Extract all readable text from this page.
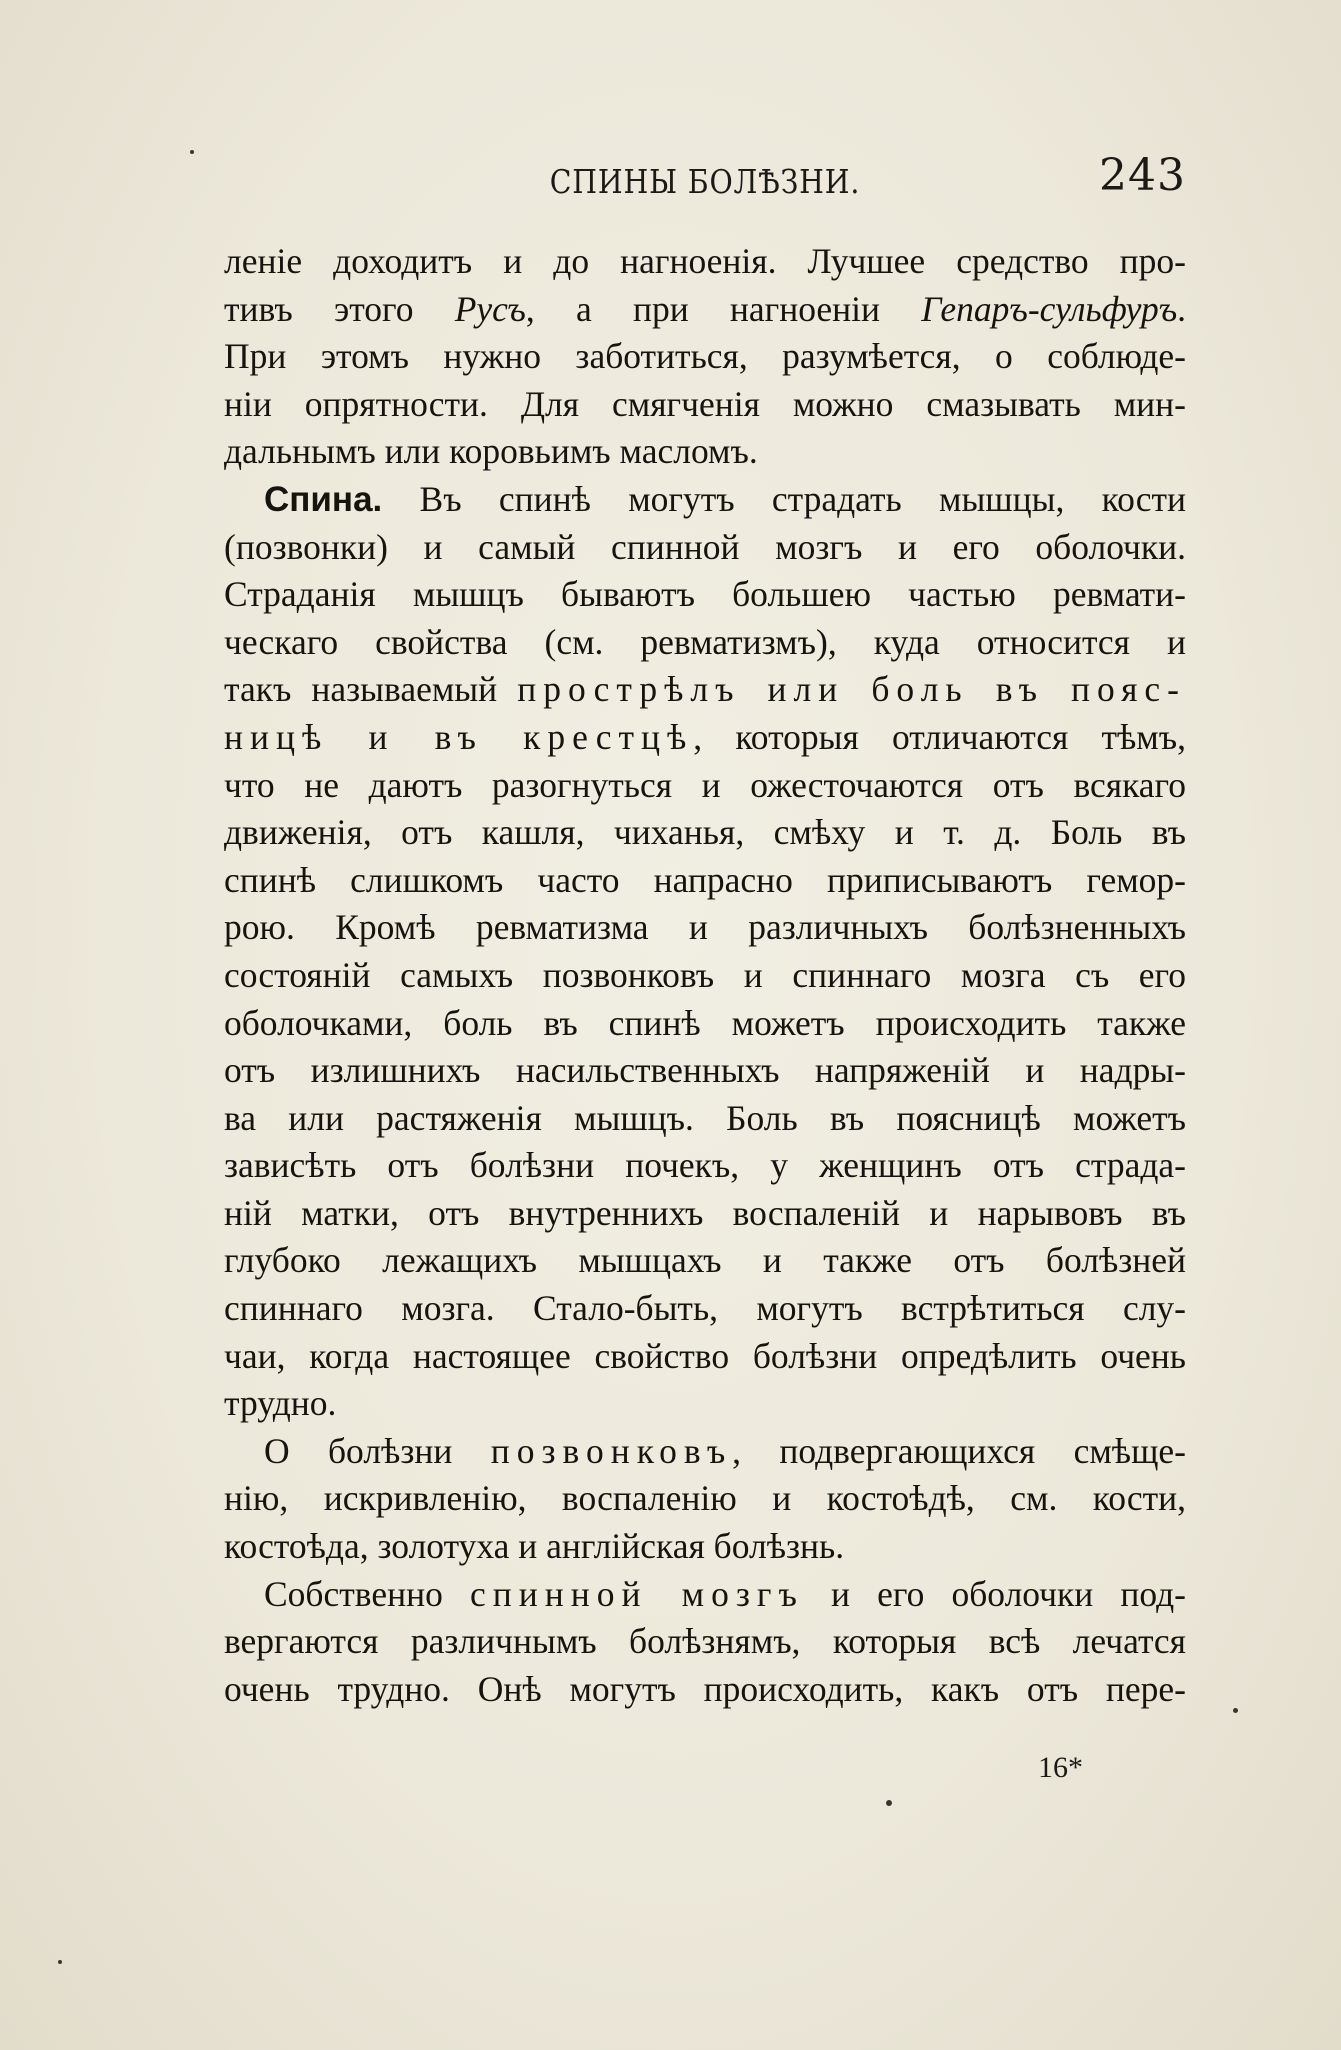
СПИНЫ БОЛѢЗНИ.	243
леніе доходитъ и до нагноенія. Лучшее средство про-
тивъ этого Русъ, а при нагноеніи Гепаръ-сульфуръ.
При этомъ нужно заботиться, разумѣется, о соблюде-
ніи опрятности. Для смягченія можно смазывать мин-
дальнымъ или коровьимъ масломъ.
Спина. Въ спинѣ могутъ страдать мышцы, кости
(позвонки) и самый спинной мозгъ и его оболочки.
Страданія мышцъ бываютъ большею частью ревмати-
ческаго свойства (см. ревматизмъ), куда относится и
такъ называемый прострѣлъ или боль въ пояс-
ницѣ и въ крестцѣ, которыя отличаются тѣмъ,
что не даютъ разогнуться и ожесточаются отъ всякаго
движенія, отъ кашля, чиханья, смѣху и т. д. Боль въ
спинѣ слишкомъ часто напрасно приписываютъ гемор-
рою. Кромѣ ревматизма и различныхъ болѣзненныхъ
состояній самыхъ позвонковъ и спиннаго мозга съ его
оболочками, боль въ спинѣ можетъ происходить также
отъ излишнихъ насильственныхъ напряженій и надры-
ва или растяженія мышцъ. Боль въ поясницѣ можетъ
зависѣть отъ болѣзни почекъ, у женщинъ отъ страда-
ній матки, отъ внутреннихъ воспаленій и нарывовъ въ
глубоко лежащихъ мышцахъ и также отъ болѣзней
спиннаго мозга. Стало-быть, могутъ встрѣтиться слу-
чаи, когда настоящее свойство болѣзни опредѣлить очень
трудно.
О болѣзни позвонковъ, подвергающихся смѣще-
нію, искривленію, воспаленію и костоѣдѣ, см. кости,
костоѣда, золотуха и англійская болѣзнь.
Собственно спинной мозгъ и его оболочки под-
вергаются различнымъ болѣзнямъ, которыя всѣ лечатся
очень трудно. Онѣ могутъ происходить, какъ отъ пере-
16*
